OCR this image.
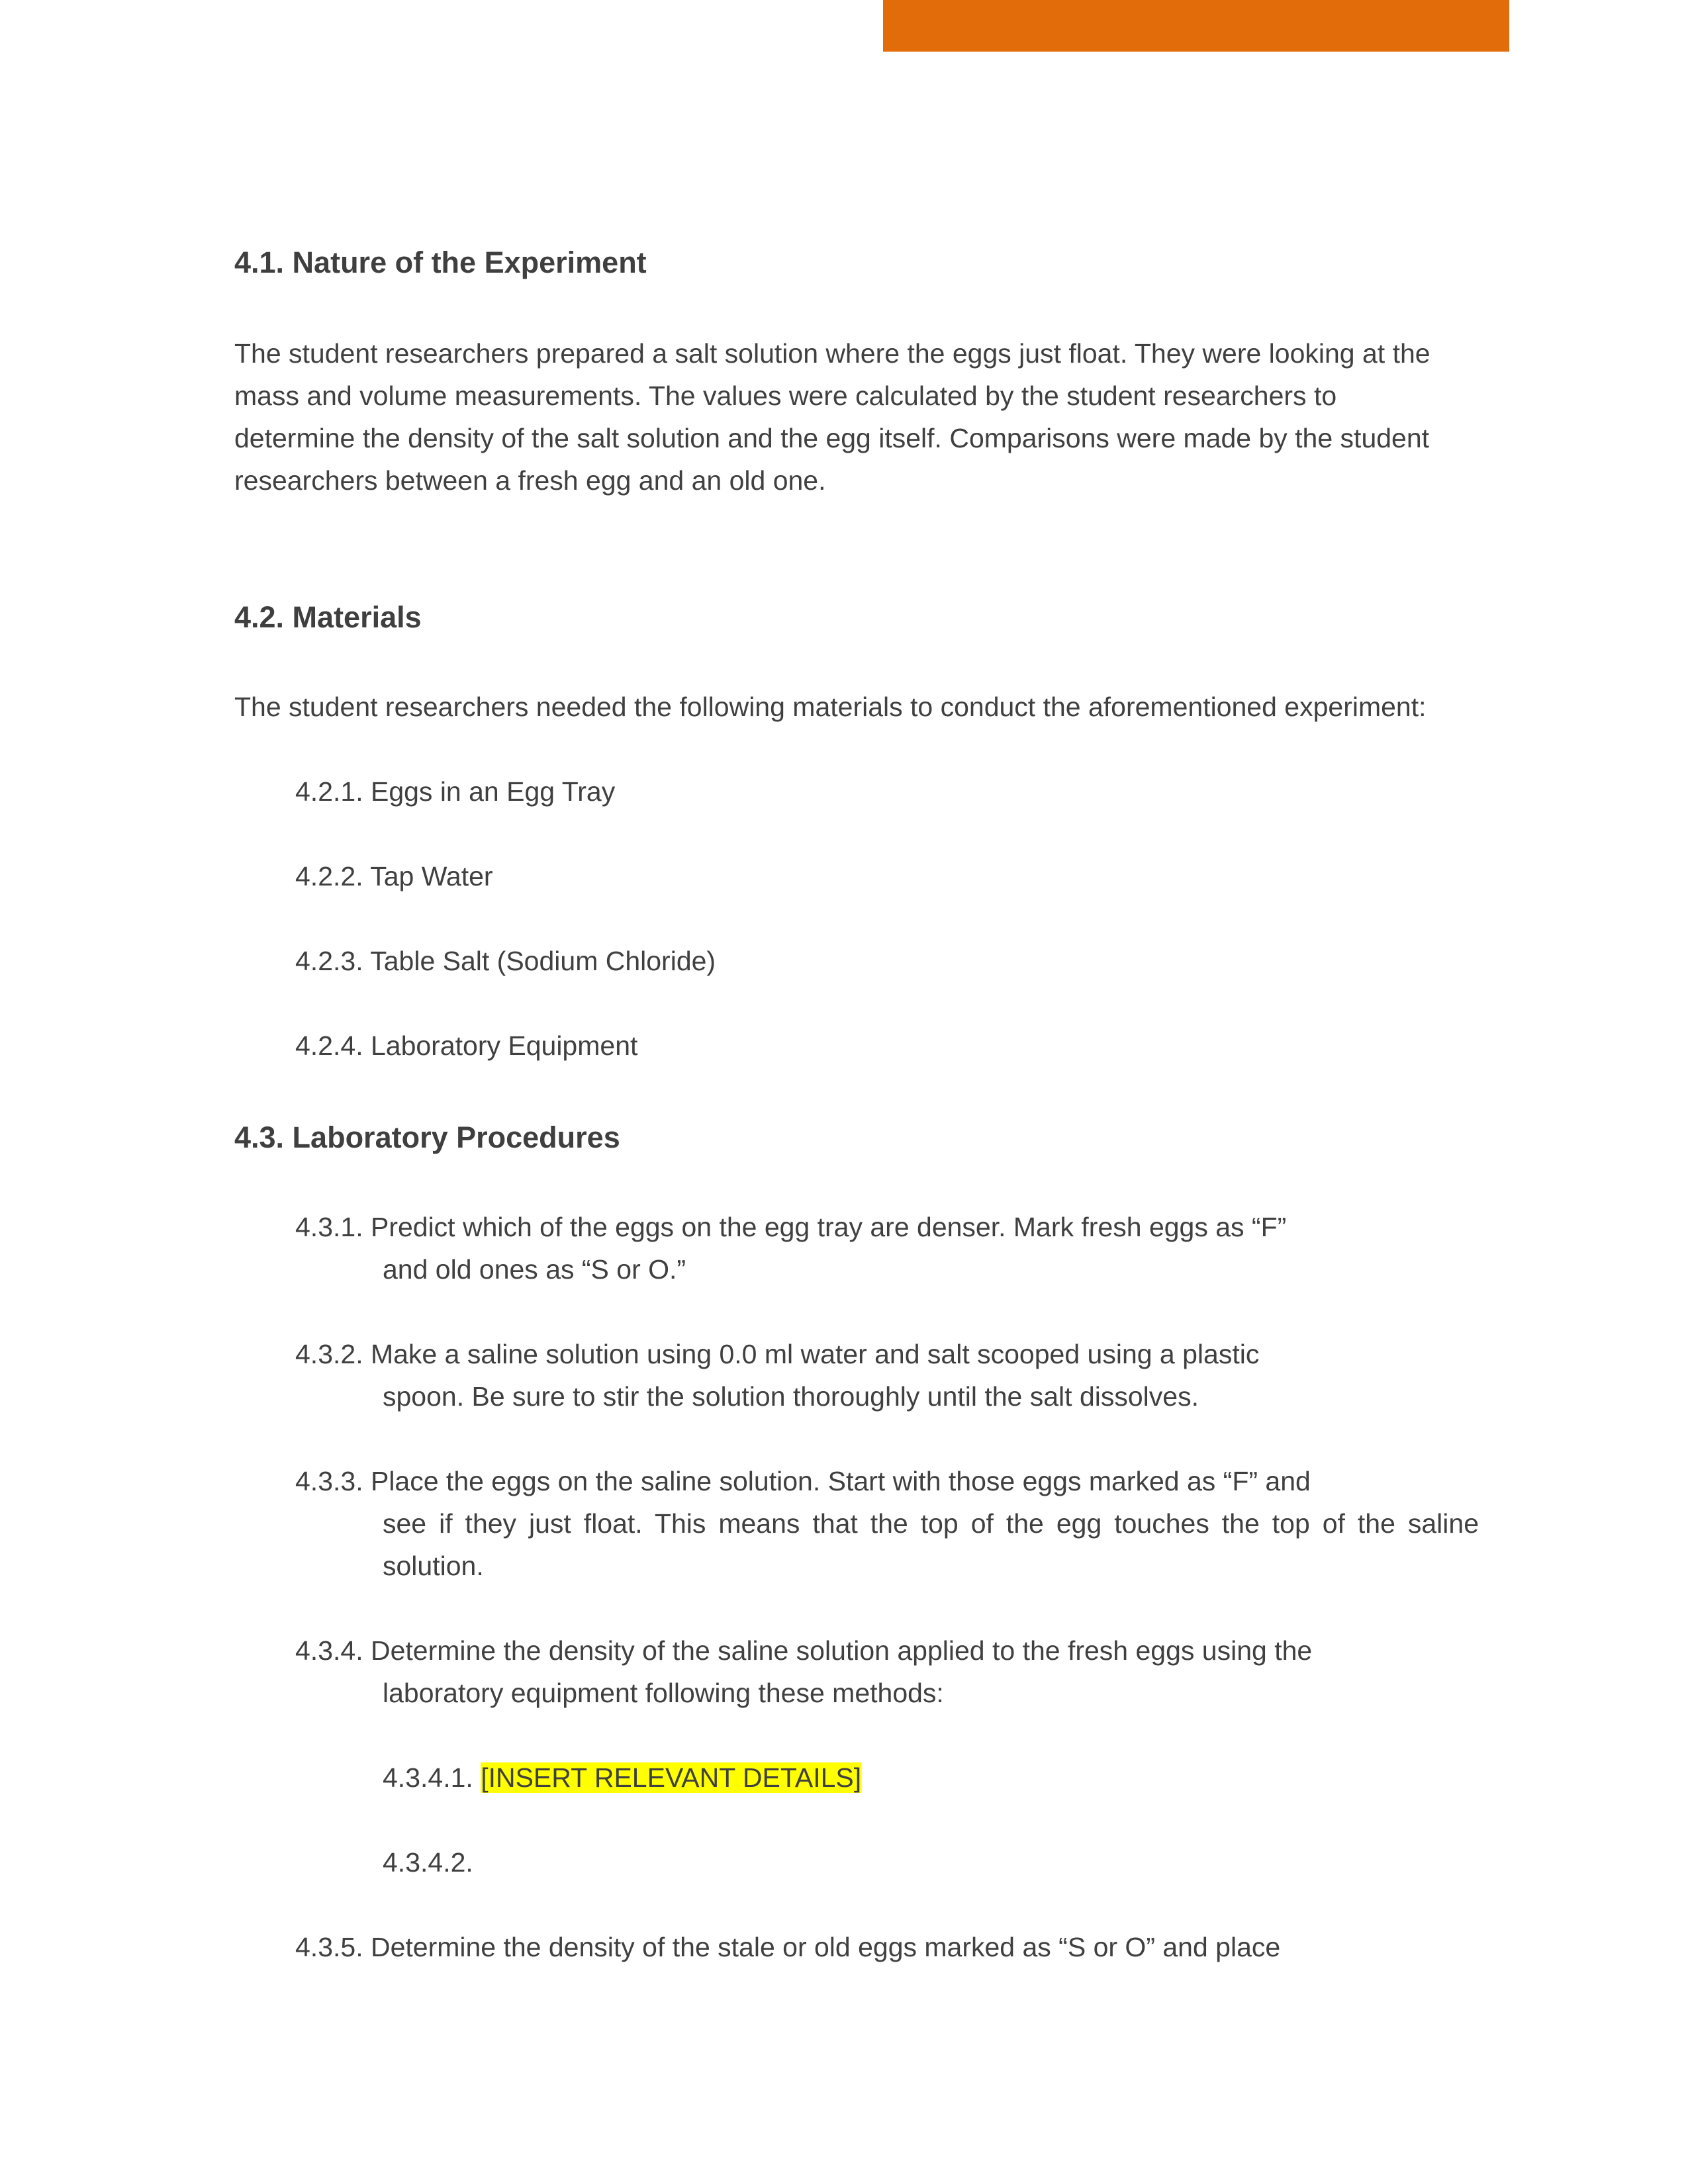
4.1. Nature of the Experiment
The student researchers prepared a salt solution where the eggs just float. They were looking at the
mass and volume measurements. The values were calculated by the student researchers to
determine the density of the salt solution and the egg itself. Comparisons were made by the student
researchers between a fresh egg and an old one.
4.2. Materials
The student researchers needed the following materials to conduct the aforementioned experiment:
4.2.1. Eggs in an Egg Tray
4.2.2. Tap Water
4.2.3. Table Salt (Sodium Chloride)
4.2.4. Laboratory Equipment
4.3. Laboratory Procedures
4.3.1. Predict which of the eggs on the egg tray are denser. Mark fresh eggs as “F”
and old ones as “S or O.”
4.3.2. Make a saline solution using 0.0 ml water and salt scooped using a plastic
spoon. Be sure to stir the solution thoroughly until the salt dissolves.
4.3.3. Place the eggs on the saline solution. Start with those eggs marked as “F” and
see if they just float. This means that the top of the egg touches the top of the saline
solution.
4.3.4. Determine the density of the saline solution applied to the fresh eggs using the
laboratory equipment following these methods:
4.3.4.1. [INSERT RELEVANT DETAILS]
4.3.4.2.
4.3.5. Determine the density of the stale or old eggs marked as “S or O” and place
